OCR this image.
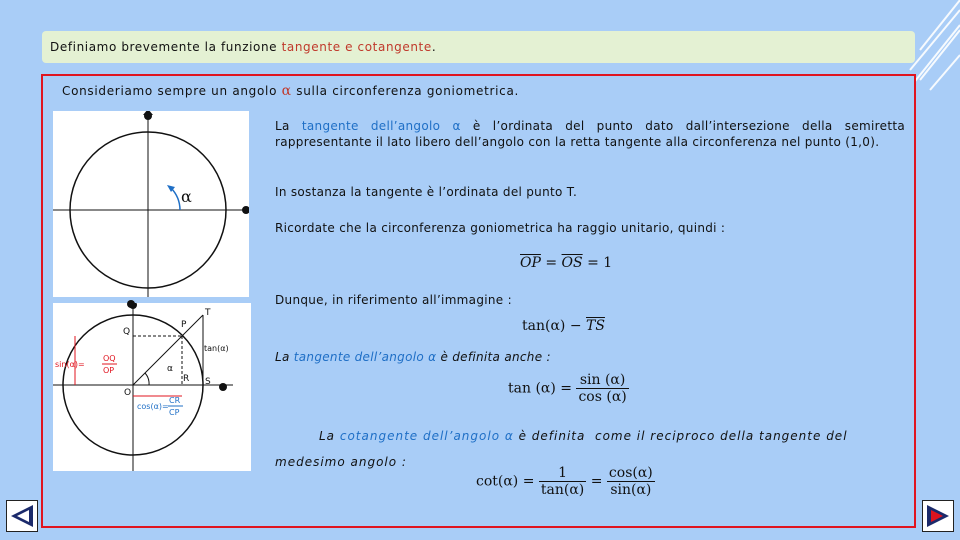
Definiamo brevemente la funzione tangente e cotangente .
Consideriamo sempre un angolo α sulla circonferenza goniometrica.
α
T
P
Q
R S
O
α
tan(α)
sin(α)=
OQ
OP
cos(α)=
CR
CP
La tangente dell’angolo α è l’ordinata del punto dato dall’intersezione della semiretta rappresentante il lato libero dell’angolo con la retta tangente alla circonferenza nel punto (1,0).
In sostanza la tangente è l’ordinata del punto T.
Ricordate che la circonferenza goniometrica ha raggio unitario, quindi :
$\overline{OP} = \overline{OS} = 1$
Dunque, in riferimento all’immagine :
$\tan(\alpha) - \overline{TS}$
La tangente dell’angolo α è definita anche :
$\tan (\alpha) = \frac{\sin (\alpha)}{\cos (\alpha)}$
La cotangente dell’angolo α è definita  come il reciproco della tangente del
medesimo angolo :
$\cot(\alpha) = \frac{1}{\tan(\alpha)} = \frac{\cos(\alpha)}{\sin(\alpha)}$
